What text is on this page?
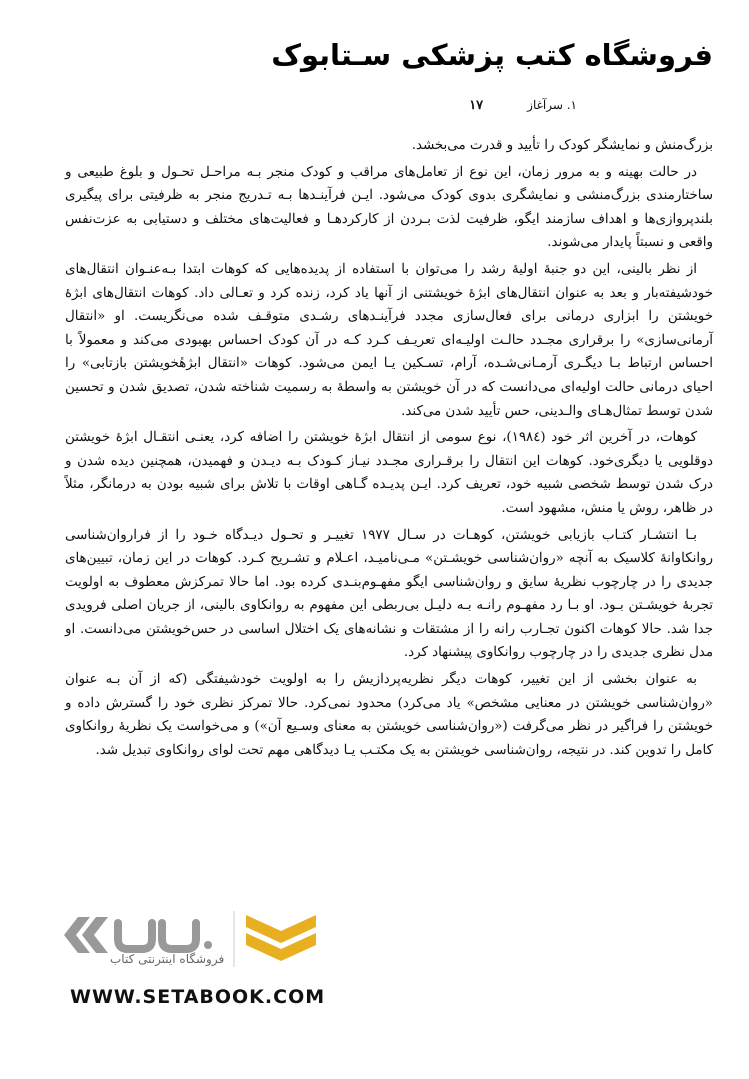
فروشگاه کتب پزشکی سـتابوک
۱. سرآغاز
۱۷

بزرگ‌منش و نمایشگر کودک را تأیید و قدرت می‌بخشد.

در حالت بهینه و به مرور زمان، این نوع از تعامل‌های مراقب و کودک منجر بـه مراحـل تحـول و بلوغ طبیعی و ساختارمندی بزرگ‌منشی و نمایشگری بدوی کودک می‌شود. ایـن فرآینـدها بـه تـدریج منجر به ظرفیتی برای پیگیری بلندپروازی‌ها و اهداف سازمند ایگو، ظرفیت لذت بـردن از کارکردهـا و فعالیت‌های مختلف و دستیابی به عزت‌نفس واقعی و نسبتاً پایدار می‌شوند.

از نظر بالینی، این دو جنبهٔ اولیهٔ رشد را می‌توان با استفاده از پدیده‌هایی که کوهات ابتدا بـه‌عنـوان انتقال‌های خودشیفته‌بار و بعد به عنوان انتقال‌های ابژهٔ خویشتنی از آنها یاد کرد، زنده کرد و تعـالی داد. کوهات انتقال‌های ابژهٔ خویشتن را ابزاری درمانی برای فعال‌سازی مجدد فرآینـدهای رشـدی متوقـف شده می‌نگریست. او «انتقال آرمانی‌سازی» را برقراری مجـدد حالـت اولیـه‌ای تعریـف کـرد کـه در آن کودک احساس بهبودی می‌کند و معمولاً با احساس ارتباط بـا دیگـری آرمـانی‌شـده، آرام، تسـکین یـا ایمن می‌شود. کوهات «انتقال ابژهٔخویشتن بازتابی» را احیای درمانی حالت اولیه‌ای می‌دانست که در آن خویشتن به واسطهٔ به رسمیت شناخته شدن، تصدیق شدن و تحسین شدن توسط تمثال‌هـای والـدینی، حس تأیید شدن می‌کند.

کوهات، در آخرین اثر خود (۱۹۸٤)، نوع سومی از انتقال ابژهٔ خویشتن را اضافه کرد، یعنـی انتقـال ابژهٔ خویشتن دوقلویی یا دیگری‌خود. کوهات این انتقال را برقـراری مجـدد نیـاز کـودک بـه دیـدن و فهمیدن، همچنین دیده شدن و درک شدن توسط شخصی شبیه خود، تعریف کرد. ایـن پدیـده گـاهی اوقات با تلاش برای شبیه بودن به درمانگر، مثلاً در ظاهر، روش یا منش، مشهود است.

بـا انتشـار کتـاب بازیابی خویشتن، کوهـات در سـال ۱۹۷۷ تغییـر و تحـول دیـدگاه خـود را از فراروان‌شناسی روانکاوانهٔ کلاسیک به آنچه «روان‌شناسی خویشـتن» مـی‌نامیـد، اعـلام و تشـریح کـرد. کوهات در این زمان، تبیین‌های جدیدی را در چارچوب نظریهٔ سایق و روان‌شناسی ایگو مفهـوم‌بنـدی کرده بود. اما حالا تمرکزش معطوف به اولویت تجربهٔ خویشـتن بـود. او بـا رد مفهـوم رانـه بـه دلیـل بی‌ربطی این مفهوم به روانکاوی بالینی، از جریان اصلی فرویدی جدا شد. حالا کوهات اکنون تجـارب رانه را از مشتقات و نشانه‌های یک اختلال اساسی در حس‌خویشتن می‌دانست. او مدل نظری جدیدی را در چارچوب روانکاوی پیشنهاد کرد.

به عنوان بخشی از این تغییر، کوهات دیگر نظریه‌پردازیش را به اولویت خودشیفتگی (که از آن بـه عنوان «روان‌شناسی خویشتن در معنایی مشخص» یاد می‌کرد) محدود نمی‌کرد. حالا تمرکز نظری خود را گسترش داده و خویشتن را فراگیر در نظر می‌گرفت («روان‌شناسی خویشتن به معنای وسـیع آن») و می‌خواست یک نظریهٔ روانکاوی کامل را تدوین کند. در نتیجه، روان‌شناسی خویشتن به یک مکتـب یـا دیدگاهی مهم تحت لوای روانکاوی تبدیل شد.

فروشگاه اینترنتی کتاب
WWW.SETABOOK.COM
